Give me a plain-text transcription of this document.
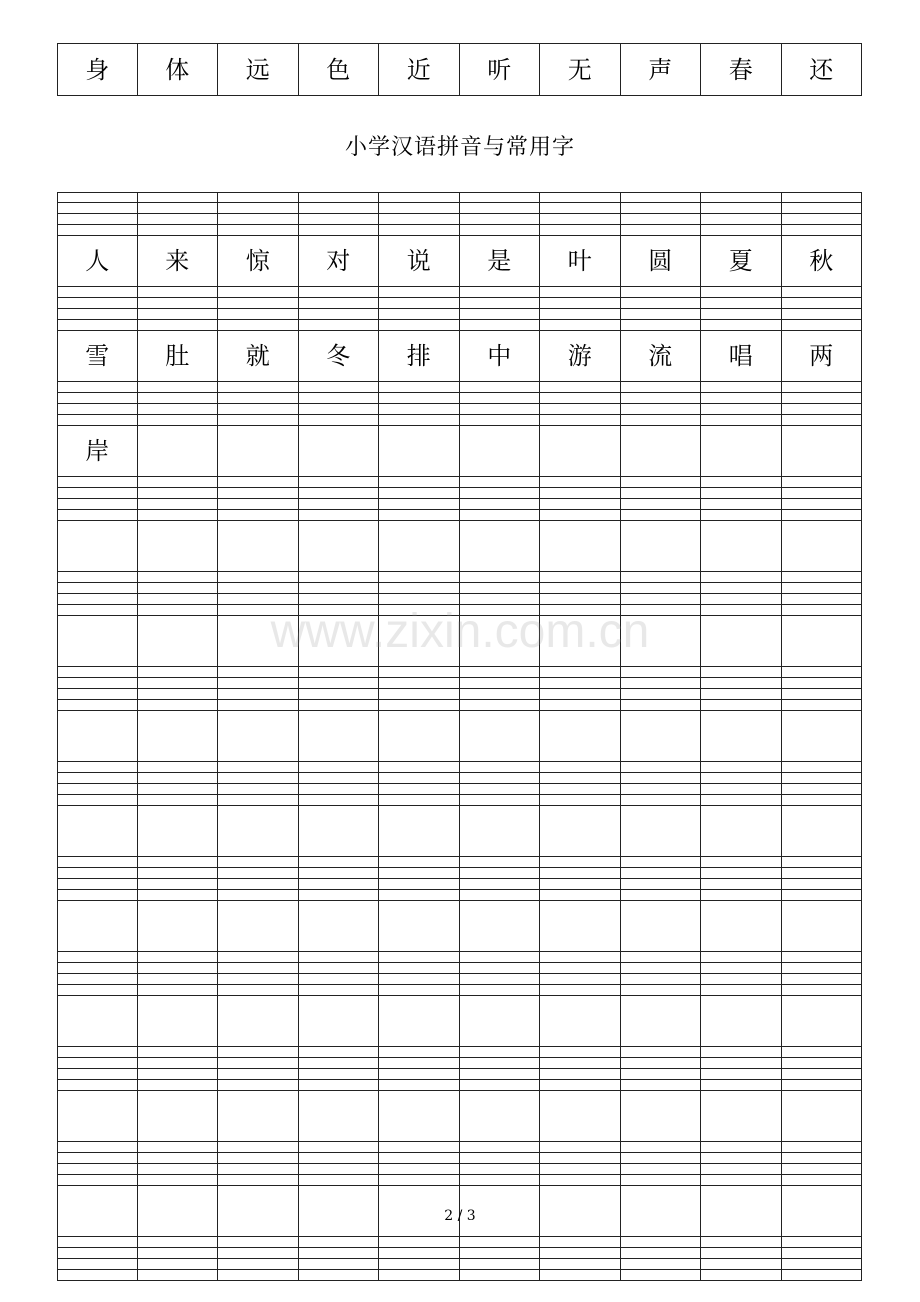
身 体 远 色 近 听 无 声 春 还
小学汉语拼音与常用字
人 来 惊 对 说 是 叶 圆 夏 秋
雪 肚 就 冬 排 中 游 流 唱 两
岸
www.zixin.com.cn
2 / 3
